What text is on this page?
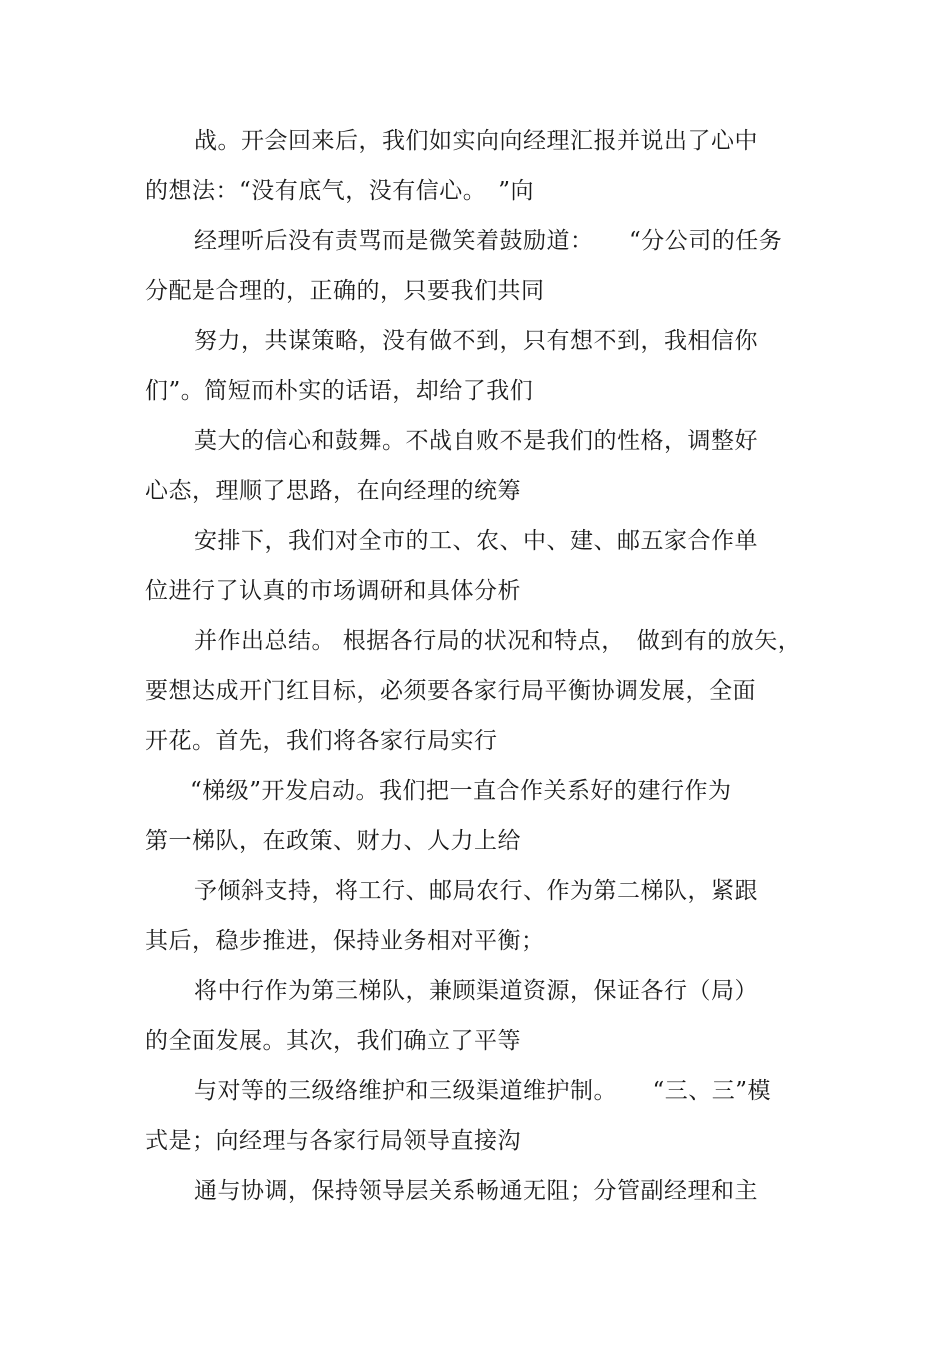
战。开会回来后，我们如实向向经理汇报并说出了心中
的想法：“没有底气，没有信心。　”向
经理听后没有责骂而是微笑着鼓励道：　　“分公司的任务
分配是合理的，正确的，只要我们共同
努力，共谋策略，没有做不到，只有想不到，我相信你
们”。简短而朴实的话语，却给了我们
莫大的信心和鼓舞。不战自败不是我们的性格，调整好
心态，理顺了思路，在向经理的统筹
安排下，我们对全市的工、农、中、建、邮五家合作单
位进行了认真的市场调研和具体分析
并作出总结。 根据各行局的状况和特点，　做到有的放矢，
要想达成开门红目标，必须要各家行局平衡协调发展，全面
开花。首先，我们将各家行局实行
“梯级”开发启动。我们把一直合作关系好的建行作为
第一梯队，在政策、财力、人力上给
予倾斜支持，将工行、邮局农行、作为第二梯队，紧跟
其后，稳步推进，保持业务相对平衡；
将中行作为第三梯队，兼顾渠道资源，保证各行（局）
的全面发展。其次，我们确立了平等
与对等的三级络维护和三级渠道维护制。　　“三、三”模
式是；向经理与各家行局领导直接沟
通与协调，保持领导层关系畅通无阻；分管副经理和主
